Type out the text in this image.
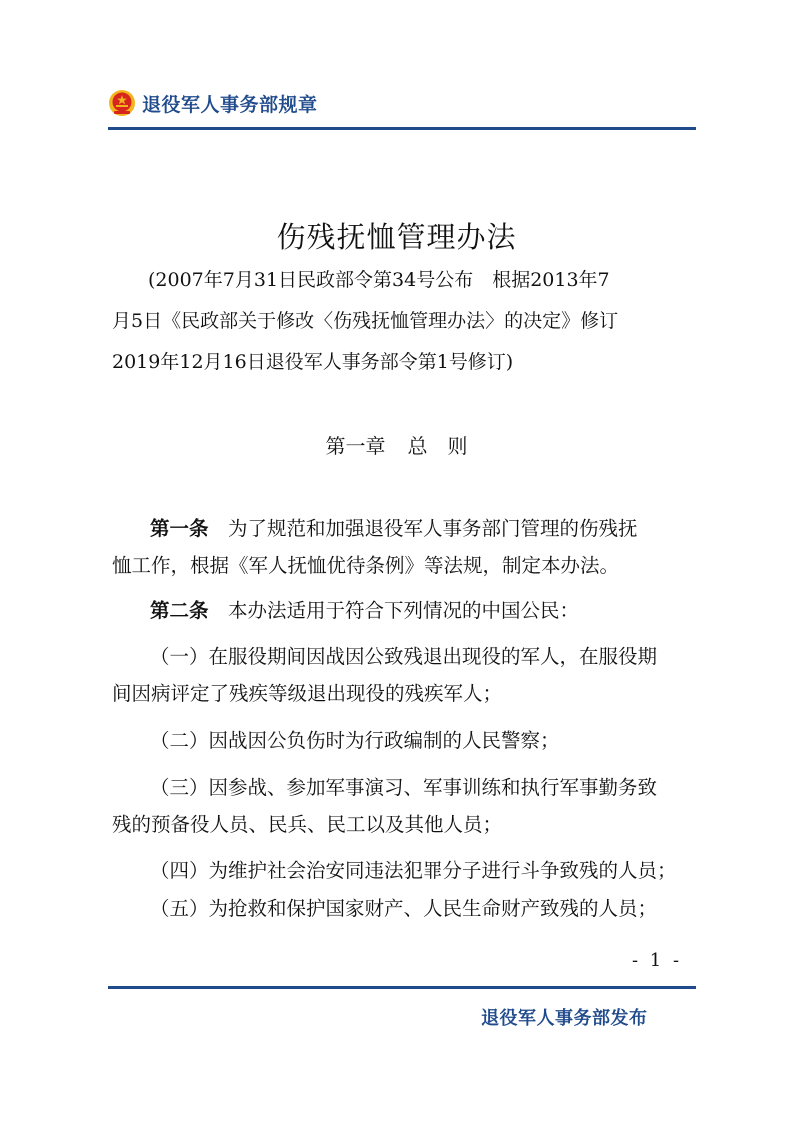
退役军人事务部规章
伤残抚恤管理办法
(2007年7月31日民政部令第34号公布　根据2013年7
月5日《民政部关于修改〈伤残抚恤管理办法〉的决定》修订
2019年12月16日退役军人事务部令第1号修订)
第一章 总　则
第一条　为了规范和加强退役军人事务部门管理的伤残抚
恤工作，根据《军人抚恤优待条例》等法规，制定本办法。
第二条　本办法适用于符合下列情况的中国公民：
（一）在服役期间因战因公致残退出现役的军人，在服役期
间因病评定了残疾等级退出现役的残疾军人；
（二）因战因公负伤时为行政编制的人民警察；
（三）因参战、参加军事演习、军事训练和执行军事勤务致
残的预备役人员、民兵、民工以及其他人员；
（四）为维护社会治安同违法犯罪分子进行斗争致残的人员；
（五）为抢救和保护国家财产、人民生命财产致残的人员；
- 1 -
退役军人事务部发布
